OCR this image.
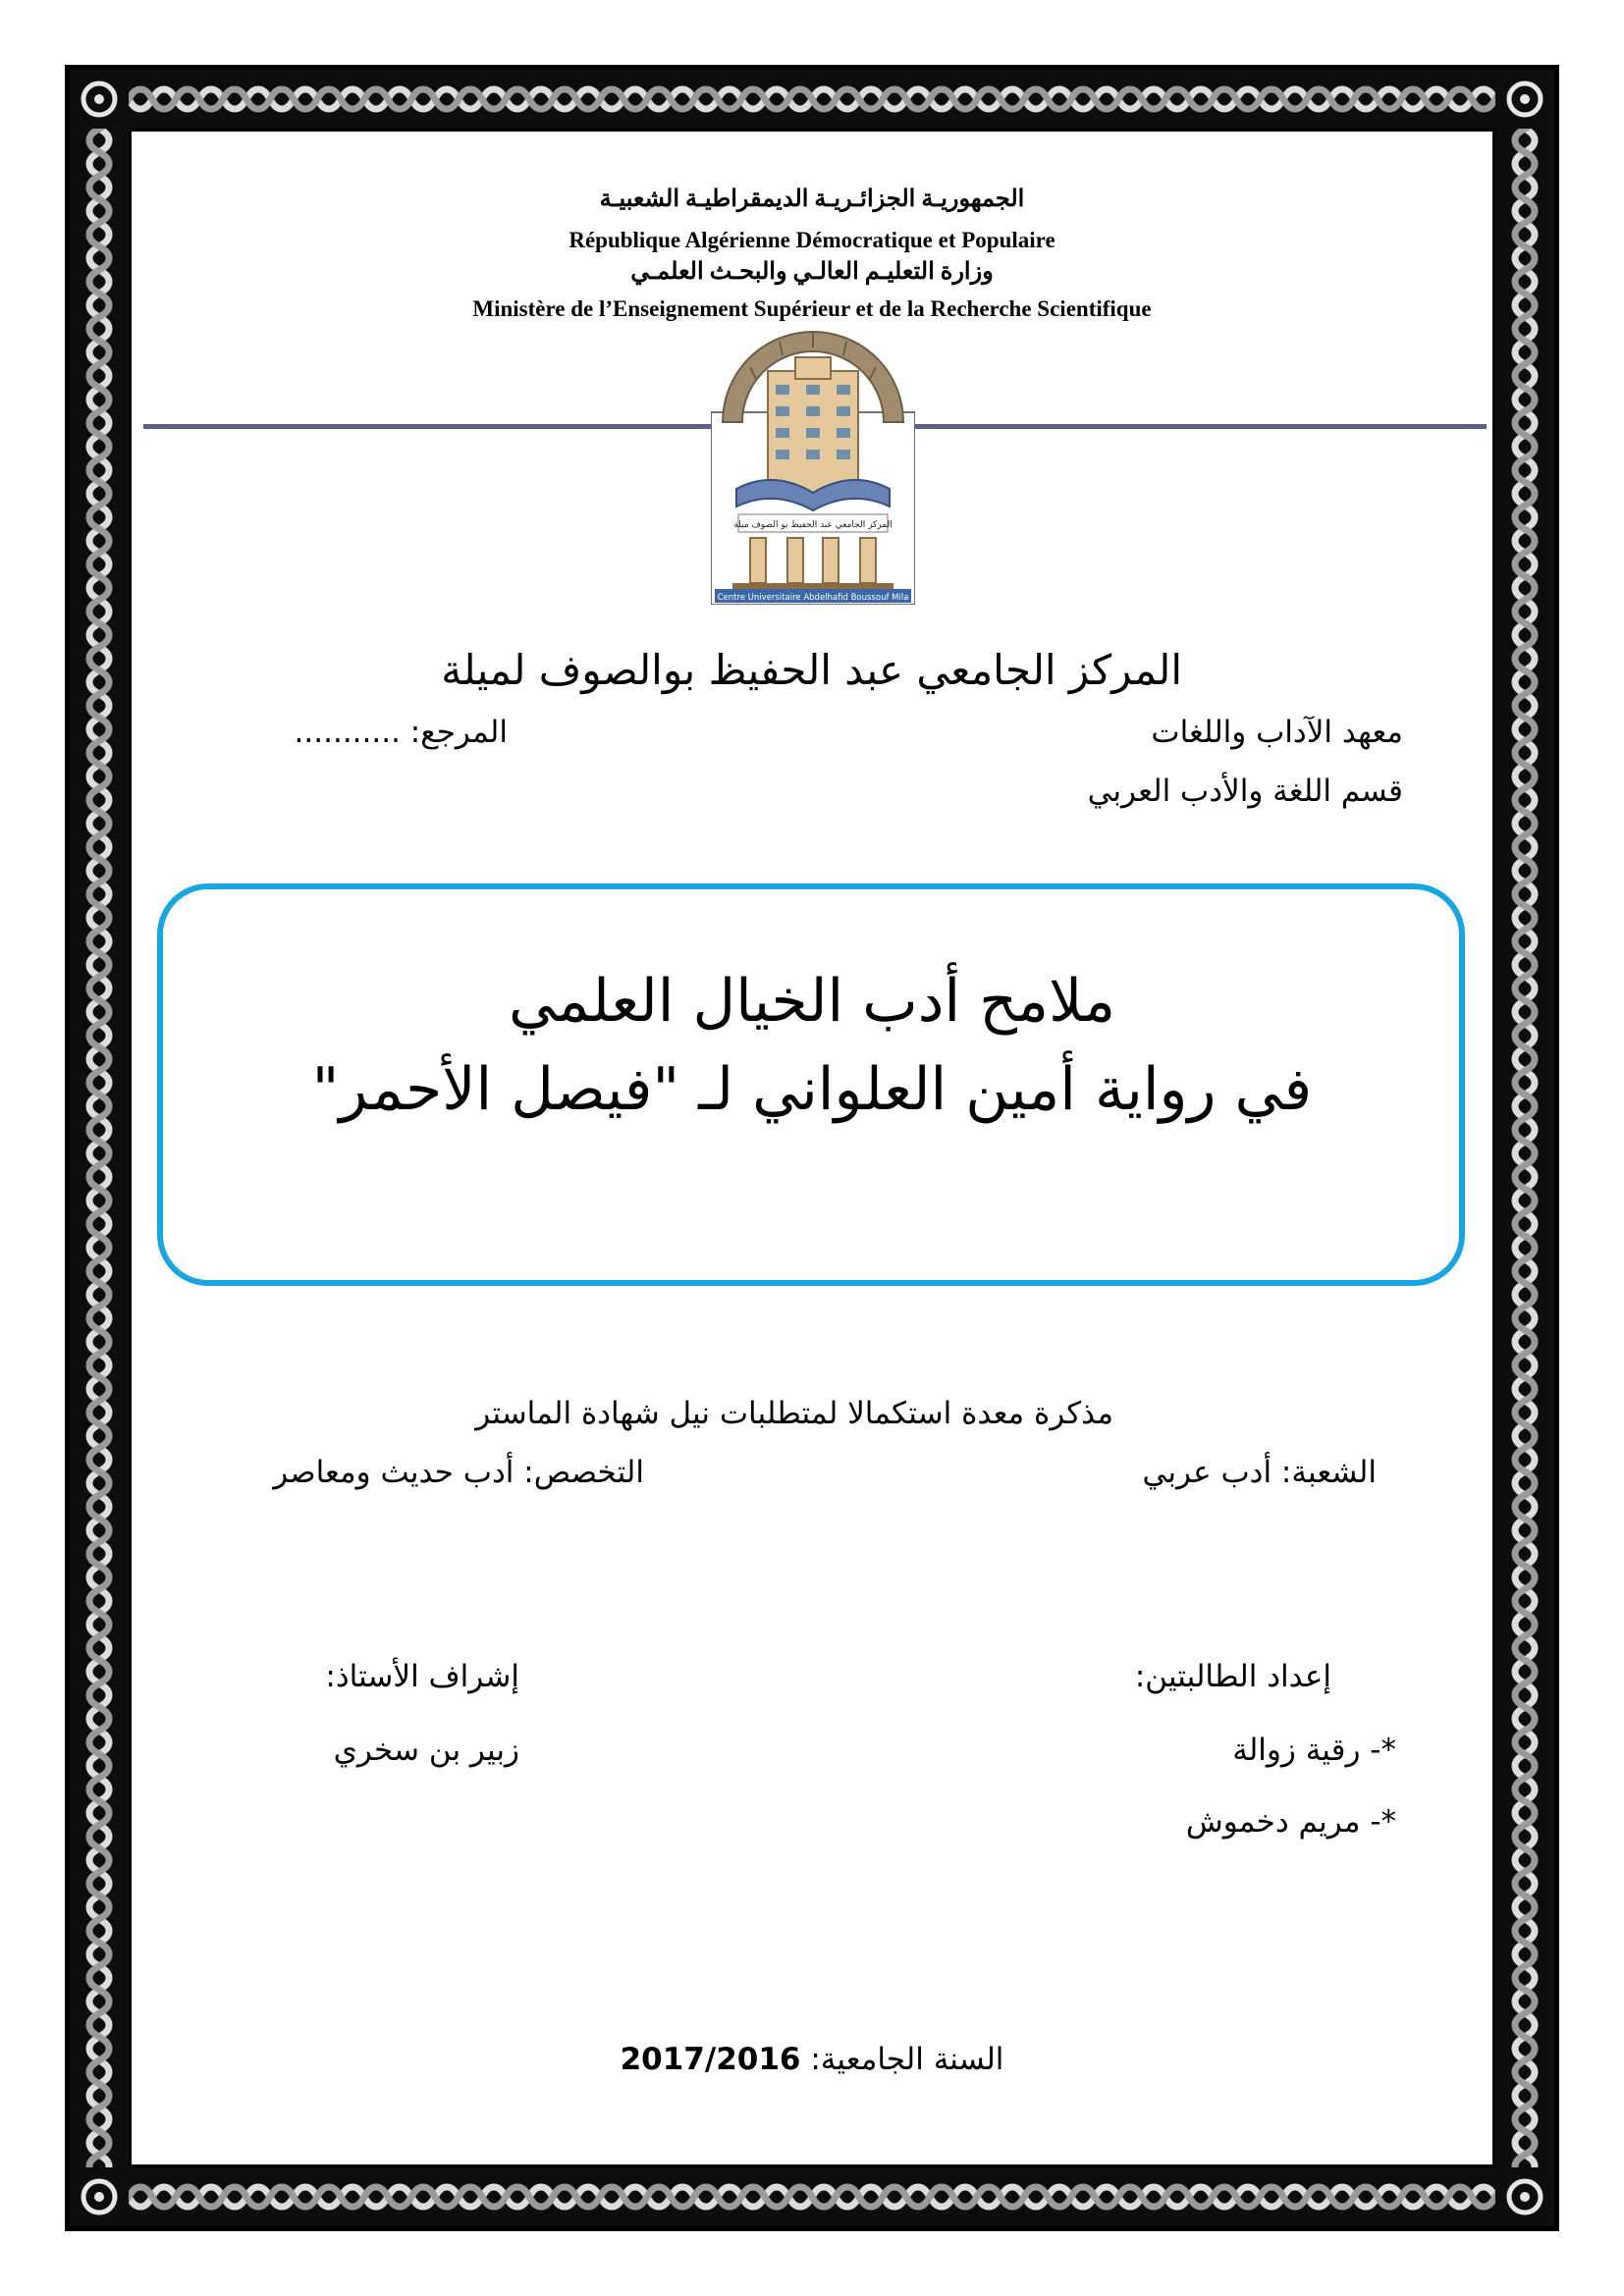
الجمهوريـة الجزائـريـة الديمقراطيـة الشعبيـة
République Algérienne Démocratique et Populaire
وزارة التعليـم العالـي والبحـث العلمـي
Ministère de l’Enseignement Supérieur et de la Recherche Scientifique
المركز الجامعي عبد الحفيظ بو الصوف ميلة
Centre Universitaire Abdelhafid Boussouf Mila
المركز الجامعي عبد الحفيظ بوالصوف لميلة
معهد الآداب واللغات
المرجع: ...........
قسم اللغة والأدب العربي
ملامح أدب الخيال العلمي
في رواية أمين العلواني لـ "فيصل الأحمر"
مذكرة معدة استكمالا لمتطلبات نيل شهادة الماستر
الشعبة: أدب عربي
التخصص: أدب حديث ومعاصر
إعداد الطالبتين:
إشراف الأستاذ:
*- رقية زوالة
زبير بن سخري
*- مريم دخموش
السنة الجامعية: 2017/2016
